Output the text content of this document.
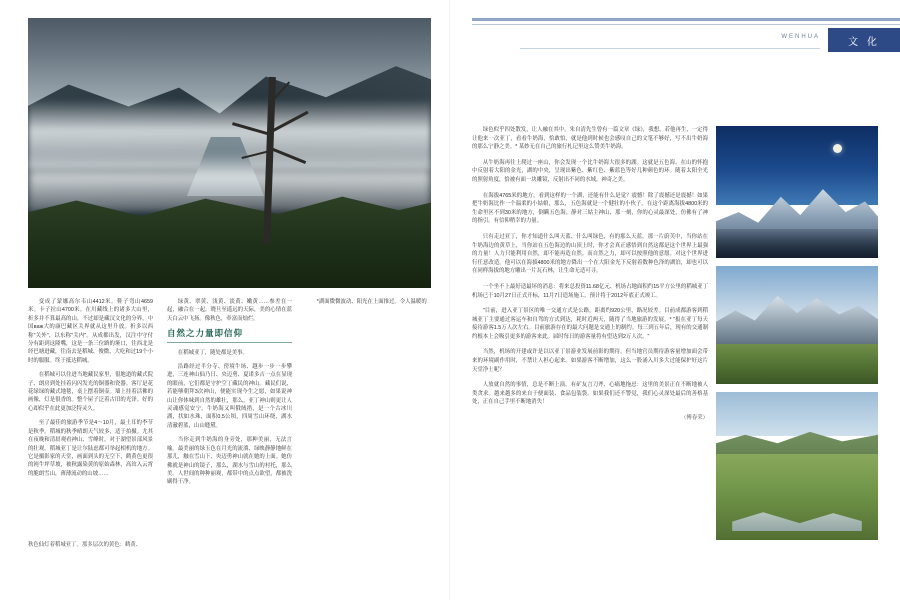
变成了蒙娜高尔韦山4412米。鞋子弯山4659米。卡子拉山4700米。在川藏线上的诸多大山里，折多并不算最高的山。不过却是藏汉文化的分界，中国важ大的康巴藏区关界就从这里升放。折多以西称"关外"，以东称"关内"。从成都出发，汉注中守付分有距到这隆嘴，这是一条三位路的垭口，往西北是经巴塘进藏，往南去是稻城、俊微、大吃和过19个小时的服服。终于抵达稻城。

在稻城可以住进当地藏民家里，很地道的藏式院子、朗房到处挂着闪闪发光的铜器和瓷器。客厅是花花绿绿的藏式地毯，桌上摆着铜壶。墙上挂着活佛的画像，灯是很香的。整个屋子泛着古旧的光泽。好的心却似乎在此更加泛特灵久。

至了最佳的旅游季节是4～10月，最土耳的李节是秋季。稻城的秋季晴朗天气较多，适于拍摄。尤其在夜晚和清晨观看神山、雪峰时，对于湖望景部风景的壮观。稻城亚丁是让尔陆虑都可举起相机的地方。它是摄影家的天堂，画面到头的无空下，鹤黄色更很的钝牛坪草坡，被秋露染黄的原始森林，高耸入云霄的脆朗雪山，薄薄流动的山坡……

绿黄、翠黄、浅黄、淡黄、嫩黄……参差在一起，融合在一起。晓旦至遥远的天际，美的心情在蓝天白云中飞扬。像秋色，牵富而灿烂。

自然之力量即信仰

在稻城亚丁，随处都是美事。

沿路经过半分寺、傍境牛场、越步一步一步攀进，三连神山仙乃日、央迈勇、夏诺多吉一点在显现的眼前，它们都是守护空丁藏民的神山。藏民们说，若能够朝拜3次神山，便能实现今生之愿，如果说神山让你体味到自然的雄壮，那么，亚丁神山则更让人灵魂感觉安宁。牛奶海又叫俄绒措，是一个古冰川湖，状如水珠，面积0.5公顷，四周雪山环绕，湖水清澈碧蓝，山山缝黛。

当你走到牛奶海的身旁处，那种美丽，无法言喻。最美丽的绿玉色在月光的流淌、绿映静静地鲜在那儿，触在雪山下、央迈勇神山就在她的上面。她仿佛就是神山的镜子，那么，湖水与雪山的衬托，那么美。人世间的种种丽观，都带中的点点欲望，都被洗刷得干净。

*湖面微微波动、阳光在上面推过。令人温暖的

秋色仙灯着稻城亚丁。那多层次的黄色：鹤黄、
WENHUA	文 化

绿色似乎四处散发，让人融在其中。朱自清先生曾有一篇文章《绿》，我想，若他再生，一定得让他来一次亚丁，看看牛奶海，恰敢怕，就是他到时候也会感叹自己的文笔不够好，写不出牛奶海的那么宁静之美。* 某妙无在自己的旅行札记里这么赞美牛奶海。

从牛奶海再往上爬过一座山，你会发现一个比牛奶海大很多的湖。这就是五色海。在山的怀抱中反射着大阳的金光，湖的中央，呈现出紫色、紫红色、紫蓝色等好几种颜色的环。随着太阳全光的照射角度，恰被有面一块雕镜，反射出不同的水域，神奇之美。

在海拔4765米的地方，看到这样的一个湖，还能有什么是觉？震憾！除了震撼还是震撼！如果把牛奶海比作一个温柔的小姑娘，那么，五色海就是一个健壮的小伙子。在这个距离海拔4800米的生命里区不到30米的地方，倒瞒五色海。静对三姑主神山、那一刻，你的心灵最深处，仿佛有了神的指引。有信仰稍幸的力量。

只有走过亚丁，你才知道什么叫天蓝、什么叫绿色，有的那么天蓝，那一片蔚芙中，当你站在牛奶海边的黄草上，当你站在五色海边的山顶上时，你才会真正感悟到自然这都是这个世界上最强的力量！人力只能利用自然，却不能再造自然。而自然之力，却可以按照他的意愿。对这个世界进行任意改造。他可以在海拔4800米的地方降出一个在大阳金光下反射着数种色泽的湖泊，却也可以在同样海拔的地方雕出一片瓦石林，让生命无适可寻。

一个坐不上最好适最坏的消息：将来总投资11.68亿元、机场占地面积约15平方公里的稻城亚丁机场已于10月27日正式开标，11月7日造场施工。预计将于2012年底正式竣工。

"目前，进入亚丁景区的唯一交通方式是公路，距离约920公里，路况较差。目前成都游客到稻城亚丁主要通过客运车和自驾的方式到达，耗时近两天，随得了当地旅游的发展。* "报在亚丁每天接待游客1.5万人次左右。目前旅游存在的最大问题是交通上的制约。每三到五年后，现有的交通制约根本上会吸引更多的游客来此。届时每日的游客量将有望达到2万人次。"

当然，机场的开建或许是以以亚丁景游业发展前影的期待。但当地官员期待游客量增加面会带来的环境副作用时，不禁让人担心起来。如果游客不断增加，这么一股涌入川多大过能保护好这片天堂净土呢？

人放就自然的事情，总是不断上演。有矿友言刀斧、心痛地拖忌：这里的美景正在不断地被人类贪求。越来越多的来自于便面装、食品包装袋。如果我们还不警觉，我们心灵深处最后的善格基处，正在自己手里不断地消失！

（傅春荣）
